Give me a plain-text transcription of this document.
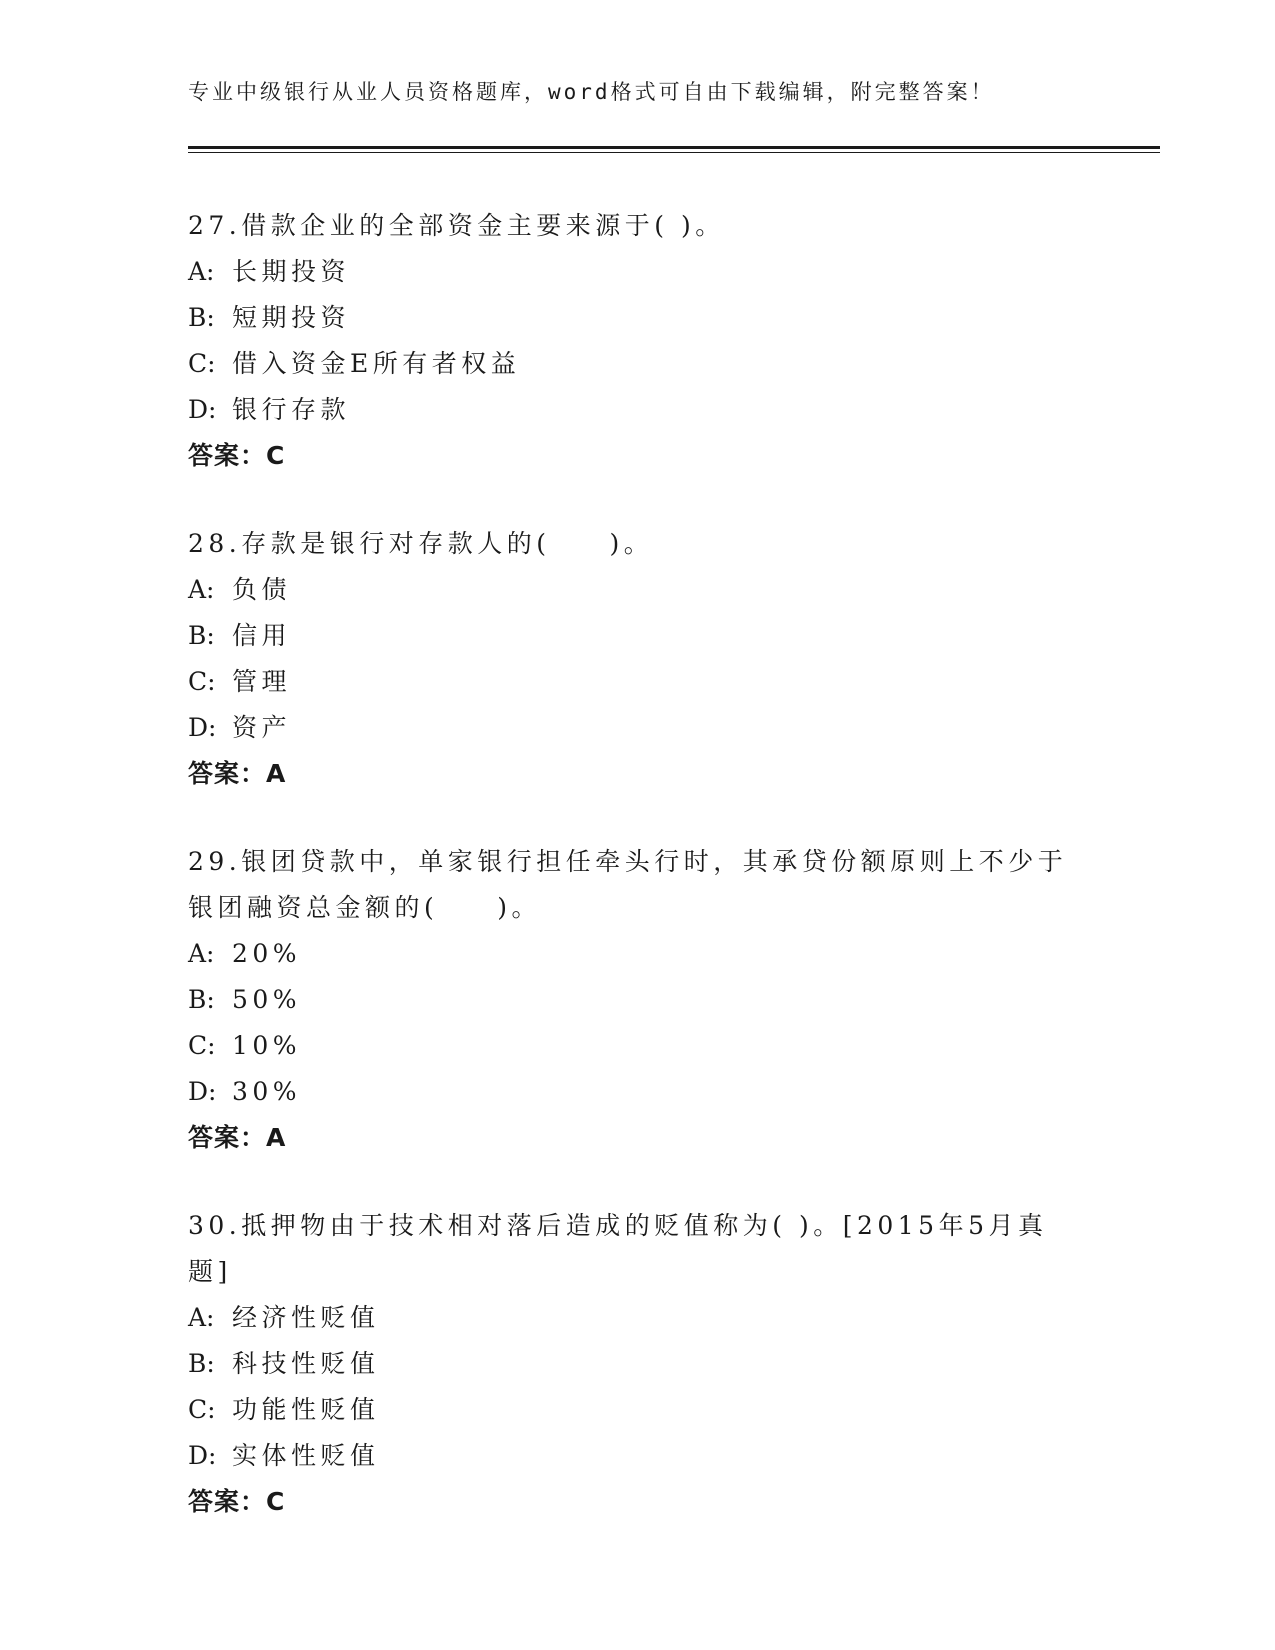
专业中级银行从业人员资格题库，word格式可自由下载编辑，附完整答案！
27.借款企业的全部资金主要来源于( )。
A: 长期投资
B: 短期投资
C: 借入资金E所有者权益
D: 银行存款
答案：C
28.存款是银行对存款人的(　　)。
A: 负债
B: 信用
C: 管理
D: 资产
答案：A
29.银团贷款中，单家银行担任牵头行时，其承贷份额原则上不少于银团融资总金额的(　　)。
A: 20%
B: 50%
C: 10%
D: 30%
答案：A
30.抵押物由于技术相对落后造成的贬值称为( )。[2015年5月真题]
A: 经济性贬值
B: 科技性贬值
C: 功能性贬值
D: 实体性贬值
答案：C
